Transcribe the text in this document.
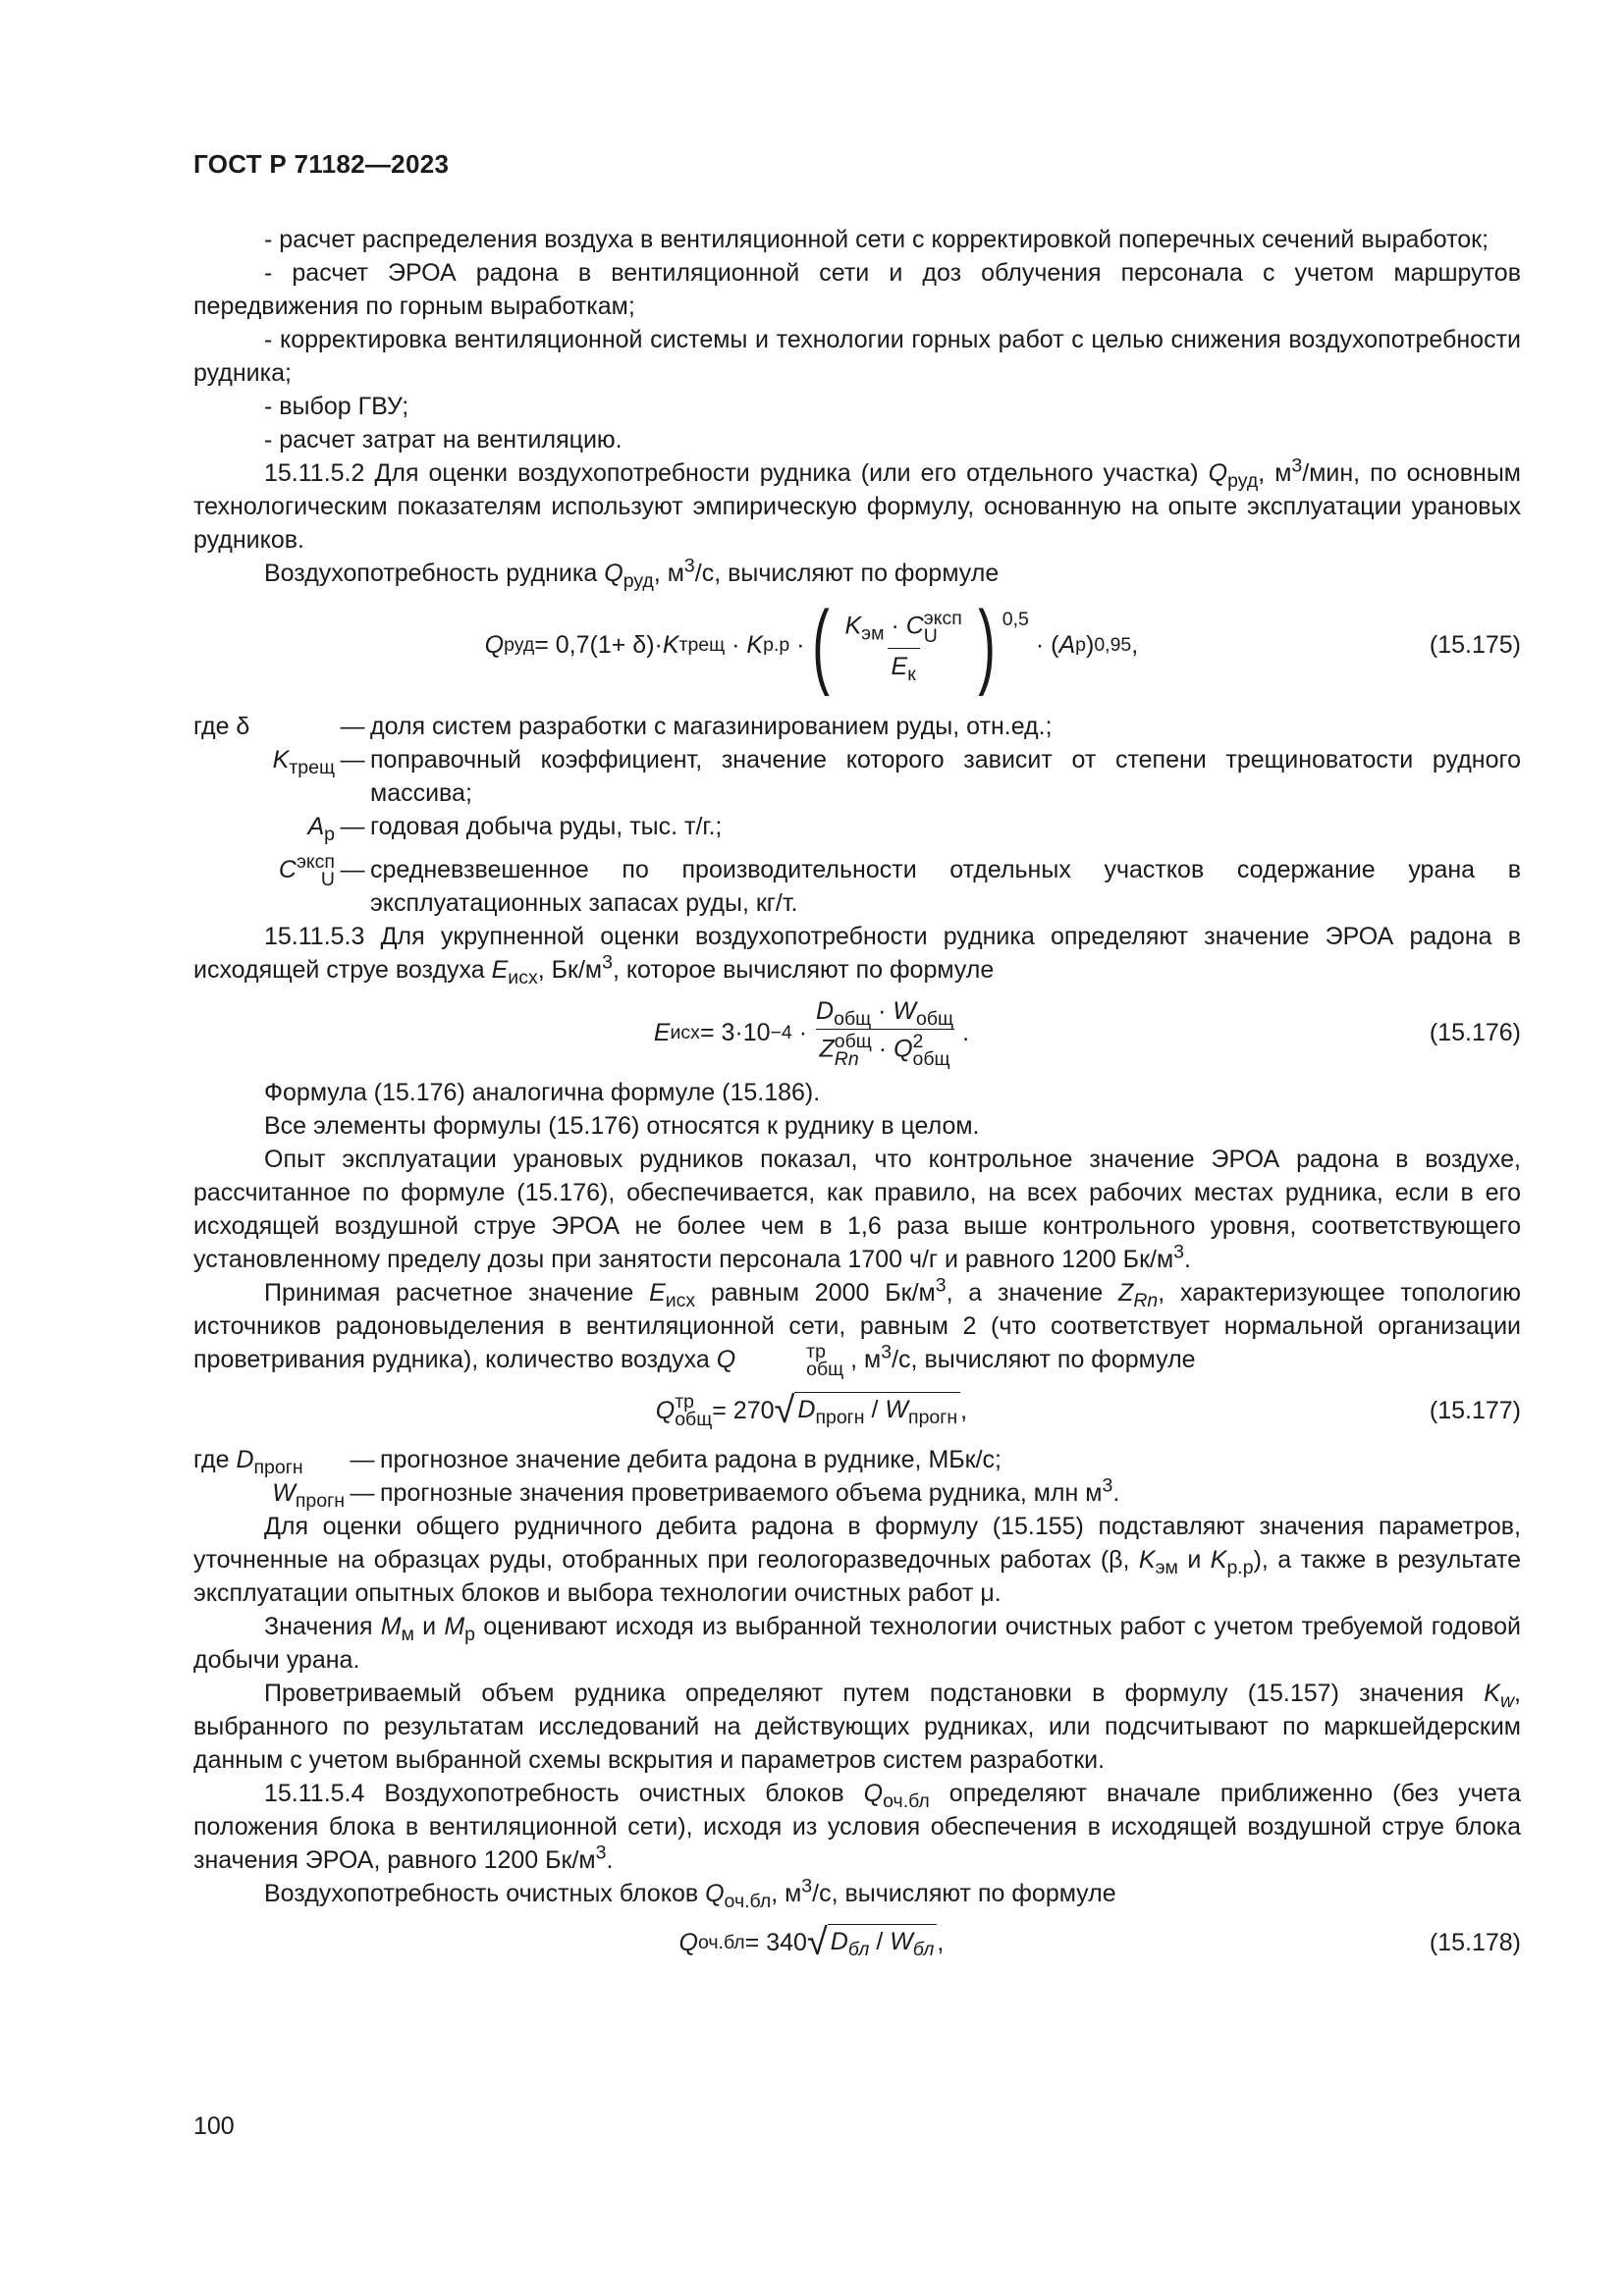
ГОСТ Р 71182—2023

- расчет распределения воздуха в вентиляционной сети с корректировкой поперечных сечений выработок;

- расчет ЭРОА радона в вентиляционной сети и доз облучения персонала с учетом маршрутов передвижения по горным выработкам;

- корректировка вентиляционной системы и технологии горных работ с целью снижения воздухопотребности рудника;

- выбор ГВУ;

- расчет затрат на вентиляцию.

15.11.5.2 Для оценки воздухопотребности рудника (или его отдельного участка) $Q_{руд}$, $м^3$/мин, по основным технологическим показателям используют эмпирическую формулу, основанную на опыте эксплуатации урановых рудников.

Воздухопотребность рудника $Q_{руд}$, $м^3/с$, вычисляют по формуле

Q руд = 0,7(1+ δ)· K трещ · K р.р · ( $K_{эм} \cdot C$ эксп
U
$E_к$ ) $^{0,5}$
· ( A р ) 0,95 ,	(15.175)
где δ	— доля систем разработки с магазинированием руды, отн.ед.;
$K_{трещ}$ — поправочный коэффициент, значение которого зависит от степени трещиноватости рудного массива;
$A_р$ — годовая добыча руды, тыс. т/г.;
C эксп
U — средневзвешенное по производительности отдельных участков содержание урана в эксплуатационных запасах руды, кг/т.

15.11.5.3 Для укрупненной оценки воздухопотребности рудника определяют значение ЭРОА радона в исходящей струе воздуха $E_{исх}$, $Бк/м^3$, которое вычисляют по формуле

E исх = $3\cdot 10 -4 \cdot D_{общ} \cdot W_{общ}$
Z общ
Rn · Q 2
общ .	(15.176)

Формула (15.176) аналогична формуле (15.186).

Все элементы формулы (15.176) относятся к руднику в целом.

Опыт эксплуатации урановых рудников показал, что контрольное значение ЭРОА радона в воздухе, рассчитанное по формуле (15.176), обеспечивается, как правило, на всех рабочих местах рудника, если в его исходящей воздушной струе ЭРОА не более чем в 1,6 раза выше контрольного уровня, соответствующего установленному пределу дозы при занятости персонала 1700 ч/г и равного 1200 $Бк/м^3$.

Принимая расчетное значение $E_{исх}$ равным 2000 $Бк/м^3$, а значение $Z_{Rn}$, характеризующее топологию источников радоновыделения в вентиляционной сети, равным 2 (что соответствует нормальной организации проветривания рудника), количество воздуха Q	тр
общ , $м^3/с$, вычисляют по формуле

Q тр
общ = 270 √ $D_{прогн} / W_{прогн}$ ,	(15.177)
где $D_{прогн}$	— прогнозное значение дебита радона в руднике, МБк/с;
$W_{прогн}$ — прогнозные значения проветриваемого объема рудника, млн $м^3$.

Для оценки общего рудничного дебита радона в формулу (15.155) подставляют значения параметров, уточненные на образцах руды, отобранных при геологоразведочных работах (β, $K_{эм}$ и $K_{р.р}$), а также в результате эксплуатации опытных блоков и выбора технологии очистных работ μ.

Значения $M_м$ и $M_р$ оценивают исходя из выбранной технологии очистных работ с учетом требуемой годовой добычи урана.

Проветриваемый объем рудника определяют путем подстановки в формулу (15.157) значения $K_w$, выбранного по результатам исследований на действующих рудниках, или подсчитывают по маркшейдерским данным с учетом выбранной схемы вскрытия и параметров систем разработки.

15.11.5.4 Воздухопотребность очистных блоков $Q_{оч.бл}$ определяют вначале приближенно (без учета положения блока в вентиляционной сети), исходя из условия обеспечения в исходящей воздушной струе блока значения ЭРОА, равного 1200 $Бк/м^3$.

Воздухопотребность очистных блоков $Q_{оч.бл}$, $м^3/с$, вычисляют по формуле

Q оч.бл = 340 √ $D_{бл} / W_{бл}$ ,	(15.178)
100
